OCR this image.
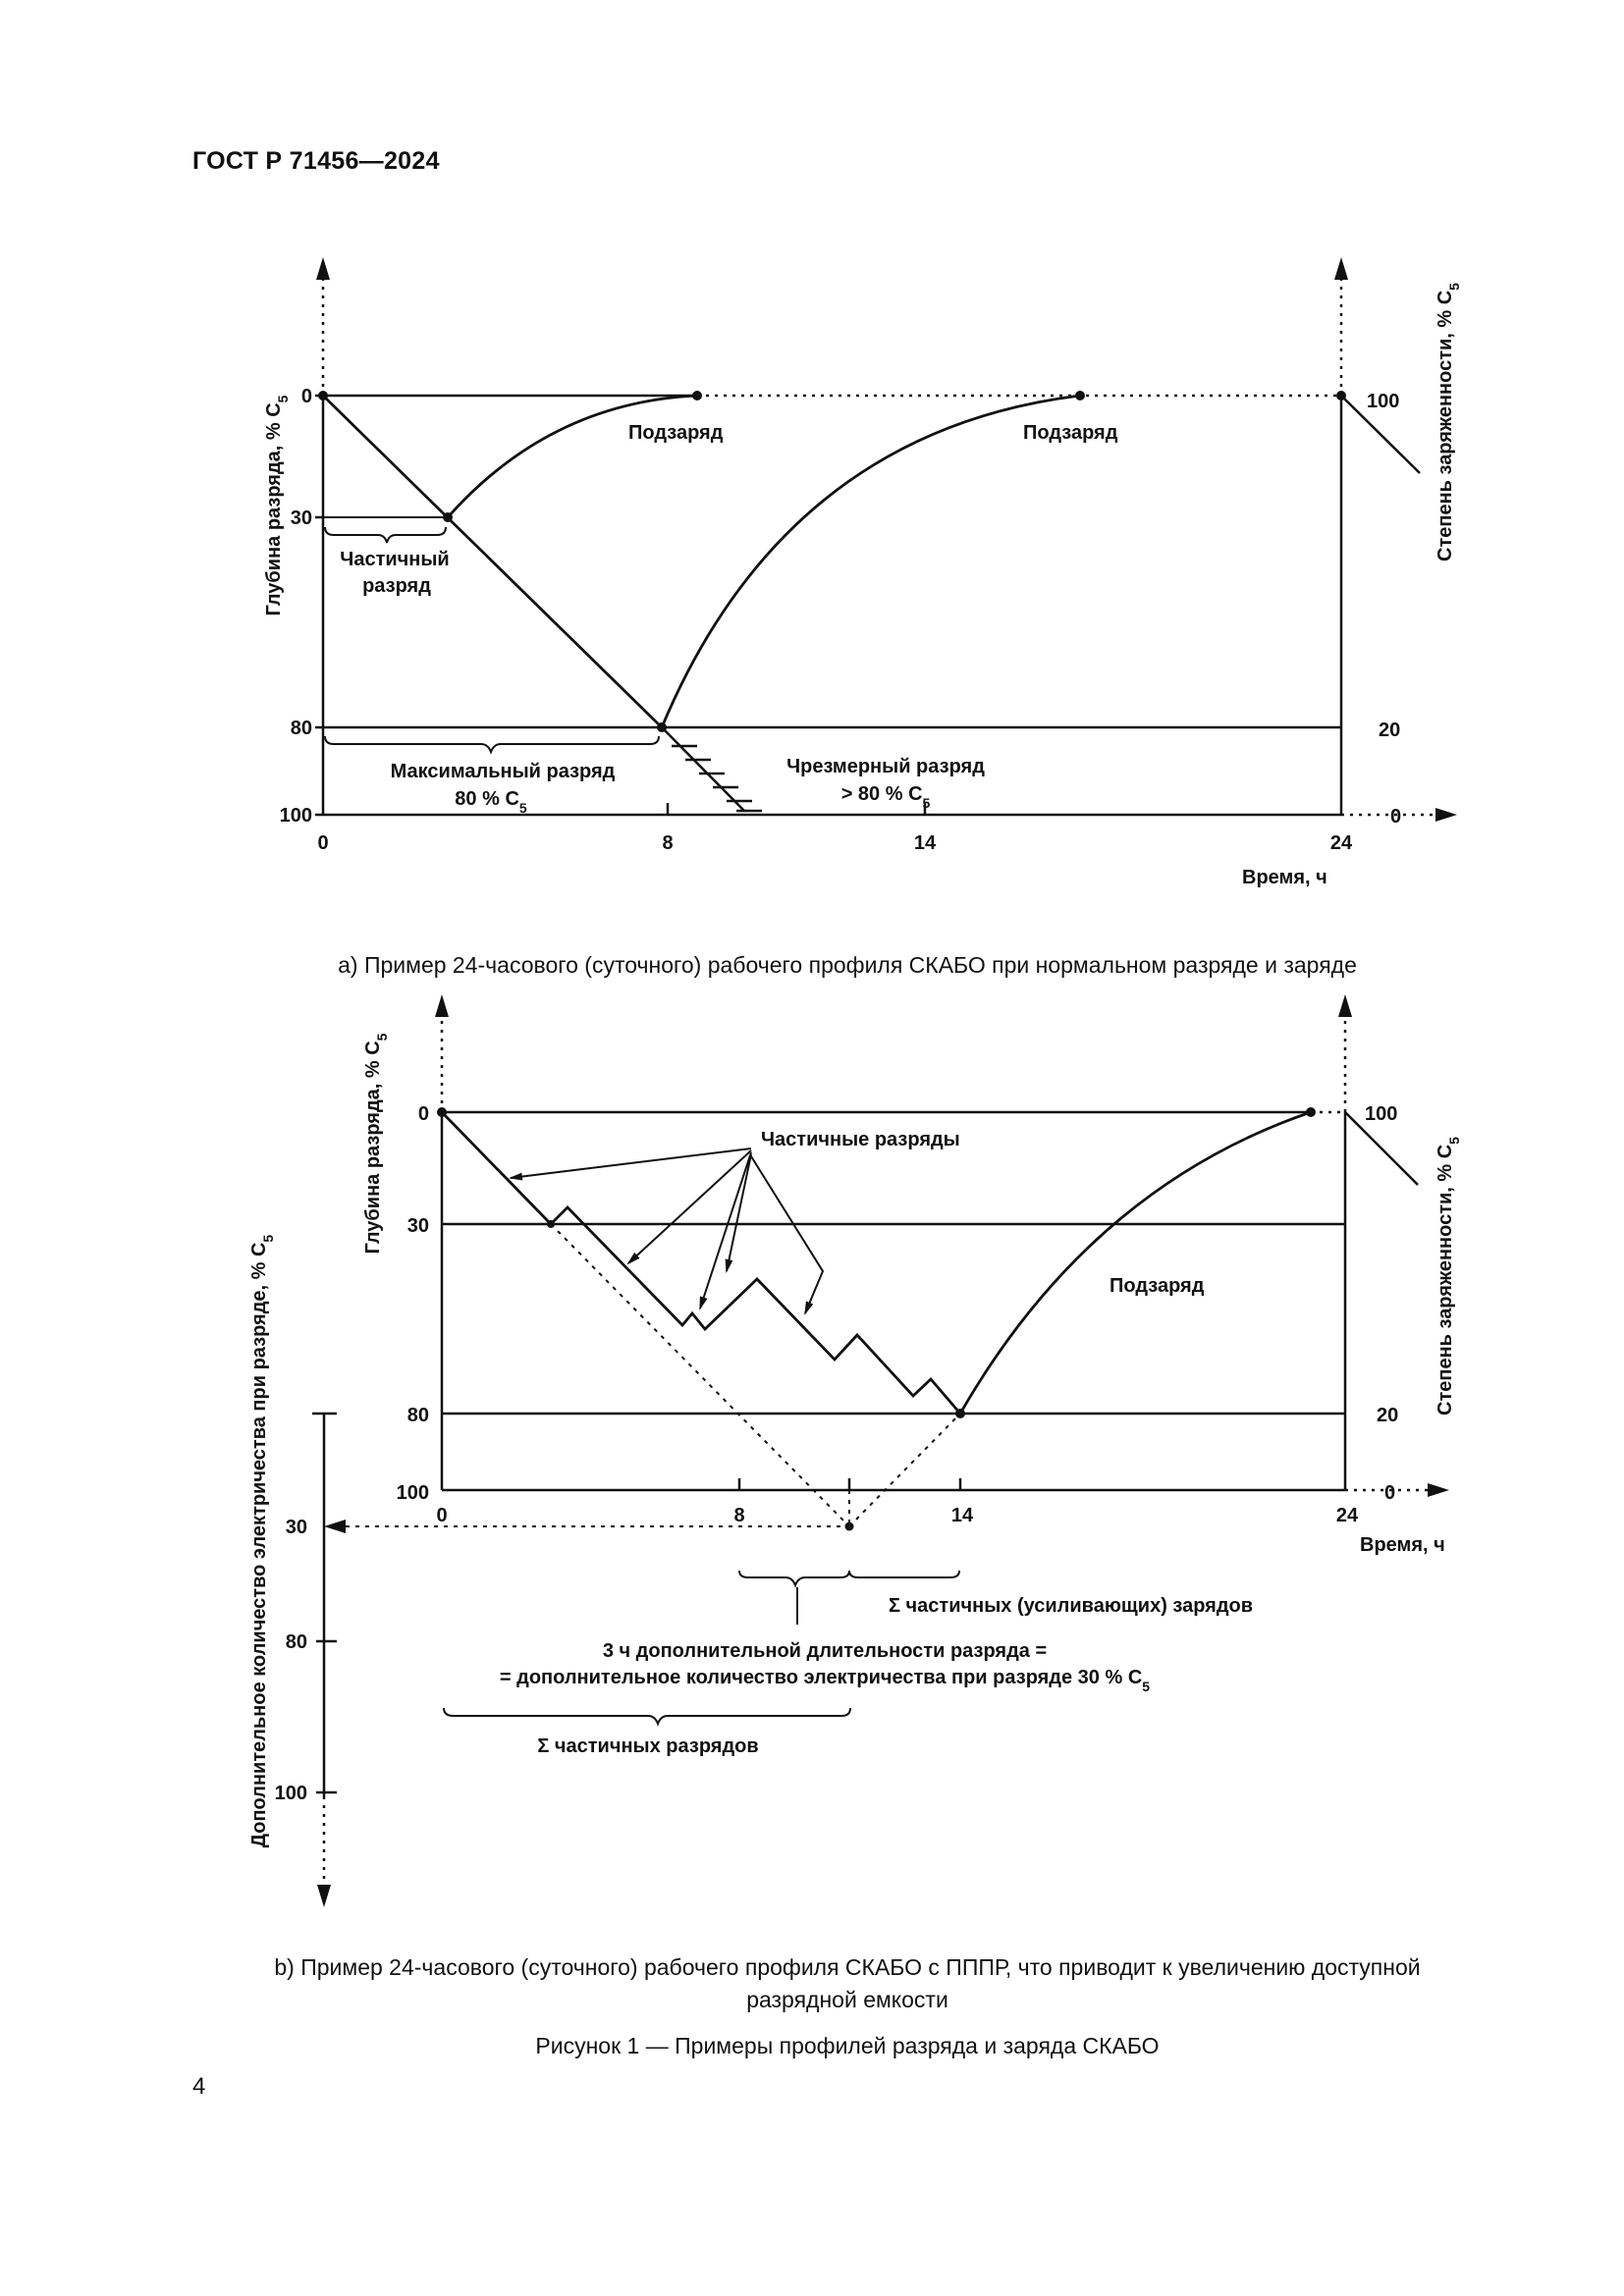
ГОСТ Р 71456—2024
Глубина разряда, % $C_5$	Степень заряженности, % $C_5$
0
30
80
100
100
20
0
0	8	14	24
Время, ч
Подзаряд	Подзаряд
Частичный
разряд
Максимальный разряд
80 % $C_5$
Чрезмерный разряд
> 80 % $C_5$
Глубина разряда, % $C_5$
Степень заряженности, % $C_5$
Дополнительное количество электричества при разряде, % $C_5$
0
30
80
100
100
20
0
30
80
100
0	8	14	24
Время, ч
Частичные разряды
Подзаряд
Σ частичных (усиливающих) зарядов
3 ч дополнительной длительности разряда =
= дополнительное количество электричества при разряде 30 % $C_5$
Σ частичных разрядов
a) Пример 24-часового (суточного) рабочего профиля СКАБО при нормальном разряде и заряде
b) Пример 24-часового (суточного) рабочего профиля СКАБО с ПППР, что приводит к увеличению доступной
разрядной емкости
Рисунок 1 — Примеры профилей разряда и заряда СКАБО
4
